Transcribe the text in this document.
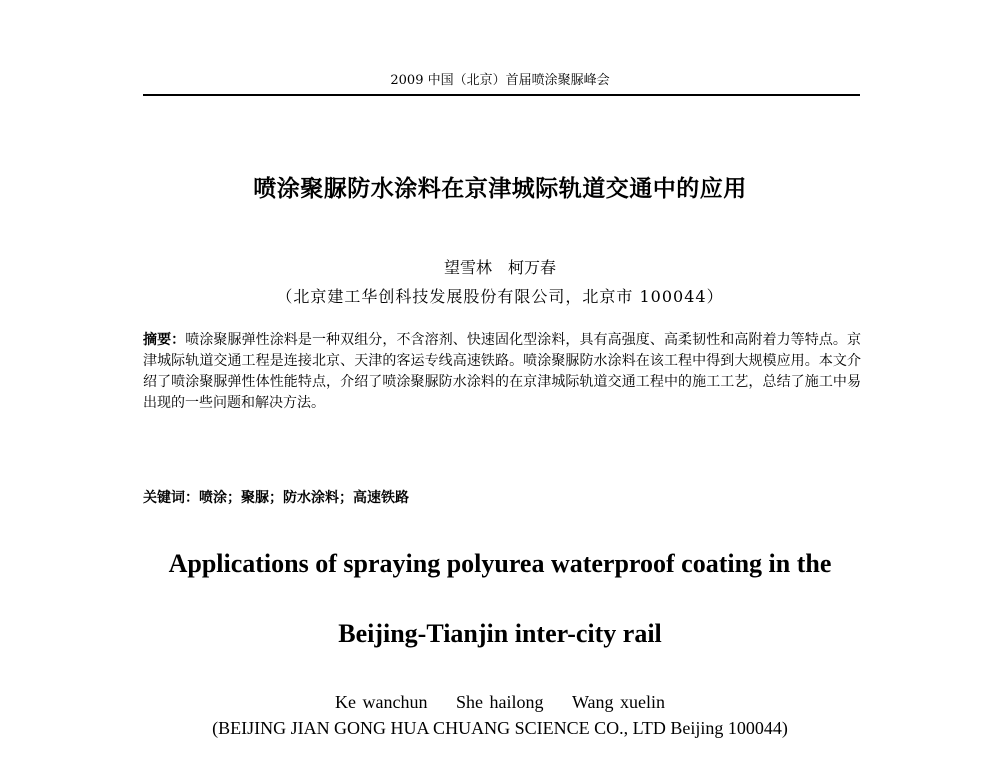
2009 中国（北京）首届喷涂聚脲峰会
喷涂聚脲防水涂料在京津城际轨道交通中的应用
望雪林　柯万春
（北京建工华创科技发展股份有限公司，北京市 100044）
摘要：喷涂聚脲弹性涂料是一种双组分，不含溶剂、快速固化型涂料，具有高强度、高柔韧性和高附着力等特点。京津城际轨道交通工程是连接北京、天津的客运专线高速铁路。喷涂聚脲防水涂料在该工程中得到大规模应用。本文介绍了喷涂聚脲弹性体性能特点，介绍了喷涂聚脲防水涂料的在京津城际轨道交通工程中的施工工艺，总结了施工中易出现的一些问题和解决方法。
关键词：喷涂；聚脲；防水涂料；高速铁路
Applications of spraying polyurea waterproof coating in the
Beijing-Tianjin inter-city rail
Ke wanchun She hailong Wang xuelin
(BEIJING JIAN GONG HUA CHUANG SCIENCE CO., LTD Beijing 100044)
